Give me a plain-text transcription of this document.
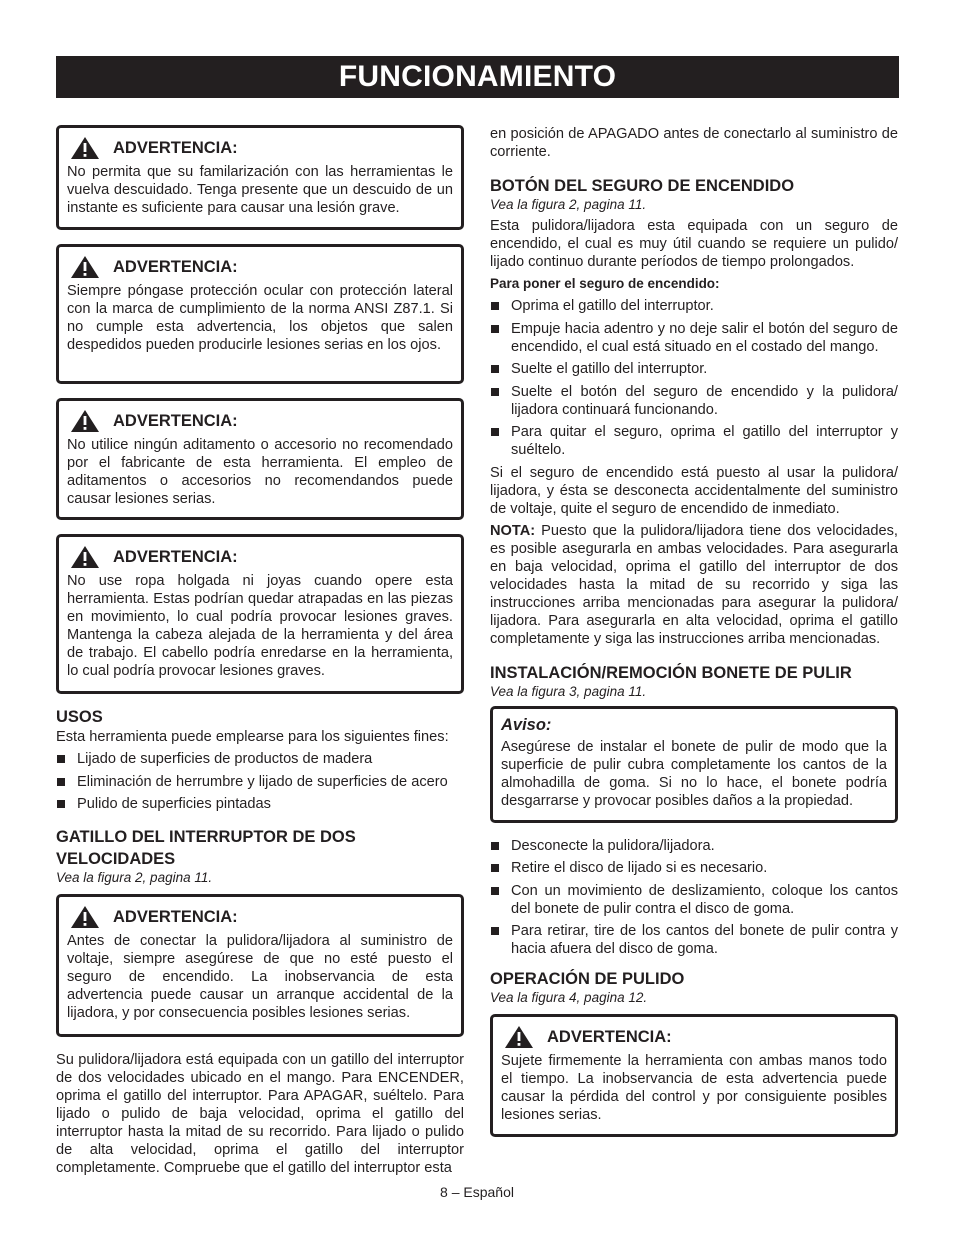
FUNCIONAMIENTO
ADVERTENCIA:

No permita que su familarización con las herramientas le vuelva descuidado. Tenga presente que un descuido de un instante es suficiente para causar una lesión grave.

ADVERTENCIA:

Siempre póngase protección ocular con protección lateral con la marca de cumplimiento de la norma ANSI Z87.1. Si no cumple esta advertencia, los objetos que salen despedidos pueden producirle lesiones serias en los ojos.

ADVERTENCIA:

No utilice ningún aditamento o accesorio no recomendado por el fabricante de esta herramienta. El empleo de aditamentos o accesorios no recomendandos puede causar lesiones serias.

ADVERTENCIA:

No use ropa holgada ni joyas cuando opere esta herramienta. Estas podrían quedar atrapadas en las piezas en movimiento, lo cual podría provocar lesiones graves. Mantenga la cabeza alejada de la herramienta y del área de trabajo. El cabello podría enredarse en la herramienta, lo cual podría provocar lesiones graves.

USOS

Esta herramienta puede emplearse para los siguientes fines:

Lijado de superficies de productos de madera
Eliminación de herrumbre y lijado de superficies de acero
Pulido de superficies pintadas
GATILLO DEL INTERRUPTOR DE DOS VELOCIDADES

Vea la figura 2, pagina 11.

ADVERTENCIA:

Antes de conectar la pulidora/lijadora al suministro de voltaje, siempre asegúrese de que no esté puesto el seguro de encendido. La inobservancia de esta advertencia puede causar un arranque accidental de la lijadora, y por consecuencia posibles lesiones serias.

Su pulidora/lijadora está equipada con un gatillo del interruptor de dos velocidades ubicado en el mango. Para ENCENDER, oprima el gatillo del interruptor. Para APAGAR, suéltelo. Para lijado o pulido de baja velocidad, oprima el gatillo del interruptor hasta la mitad de su recorrido. Para lijado o pulido de alta velocidad, oprima el gatillo del interruptor completamente. Compruebe que el gatillo del interruptor esta

en posición de APAGADO antes de conectarlo al suministro de corriente.

BOTÓN DEL SEGURO DE ENCENDIDO

Vea la figura 2, pagina 11.

Esta pulidora/lijadora esta equipada con un seguro de encendido, el cual es muy útil cuando se requiere un pulido/ lijado continuo durante períodos de tiempo prolongados.

Para poner el seguro de encendido:

Oprima el gatillo del interruptor.
Empuje hacia adentro y no deje salir el botón del seguro de encendido, el cual está situado en el costado del mango.
Suelte el gatillo del interruptor.
Suelte el botón del seguro de encendido y la pulidora/ lijadora continuará funcionando.
Para quitar el seguro, oprima el gatillo del interruptor y suéltelo.

Si el seguro de encendido está puesto al usar la pulidora/ lijadora, y ésta se desconecta accidentalmente del suministro de voltaje, quite el seguro de encendido de inmediato.

NOTA: Puesto que la pulidora/lijadora tiene dos velocidades, es posible asegurarla en ambas velocidades. Para asegurarla en baja velocidad, oprima el gatillo del interruptor de dos velocidades hasta la mitad de su recorrido y siga las instrucciones arriba mencionadas para asegurar la pulidora/ lijadora. Para asegurarla en alta velocidad, oprima el gatillo completamente y siga las instrucciones arriba mencionadas.

INSTALACIÓN/REMOCIÓN BONETE DE PULIR

Vea la figura 3, pagina 11.

Aviso:

Asegúrese de instalar el bonete de pulir de modo que la superficie de pulir cubra completamente los cantos de la almohadilla de goma. Si no lo hace, el bonete podría desgarrarse y provocar posibles daños a la propiedad.

Desconecte la pulidora/lijadora.
Retire el disco de lijado si es necesario.
Con un movimiento de deslizamiento, coloque los cantos del bonete de pulir contra el disco de goma.
Para retirar, tire de los cantos del bonete de pulir contra y hacia afuera del disco de goma.
OPERACIÓN DE PULIDO

Vea la figura 4, pagina 12.

ADVERTENCIA:

Sujete firmemente la herramienta con ambas manos todo el tiempo. La inobservancia de esta advertencia puede causar la pérdida del control y por consiguiente posibles lesiones serias.

8 – Español
